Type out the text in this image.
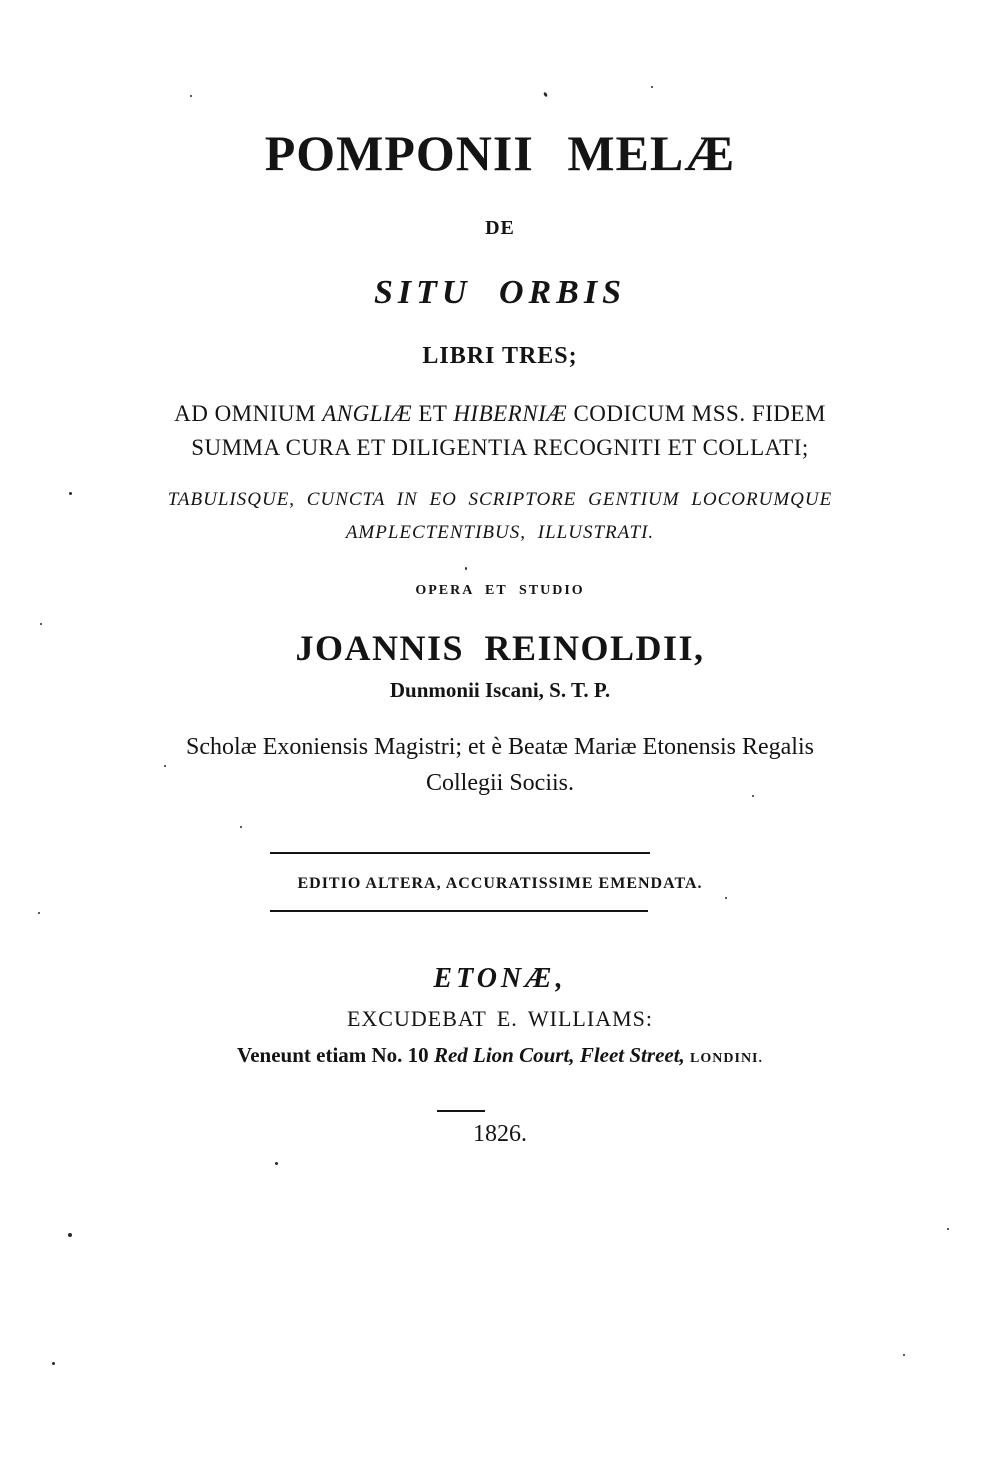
POMPONII MELÆ
DE
SITU ORBIS
LIBRI TRES;
AD OMNIUM ANGLIÆ ET HIBERNIÆ CODICUM MSS. FIDEM
SUMMA CURA ET DILIGENTIA RECOGNITI ET COLLATI;
TABULISQUE, CUNCTA IN EO SCRIPTORE GENTIUM LOCORUMQUE
AMPLECTENTIBUS, ILLUSTRATI.
OPERA ET STUDIO
JOANNIS REINOLDII,
Dunmonii Iscani, S. T. P.
Scholæ Exoniensis Magistri; et è Beatæ Mariæ Etonensis Regalis
Collegii Sociis.
EDITIO ALTERA, ACCURATISSIME EMENDATA.
ETONÆ,
EXCUDEBAT E. WILLIAMS:
Veneunt etiam No. 10 Red Lion Court, Fleet Street, LONDINI.
1826.
